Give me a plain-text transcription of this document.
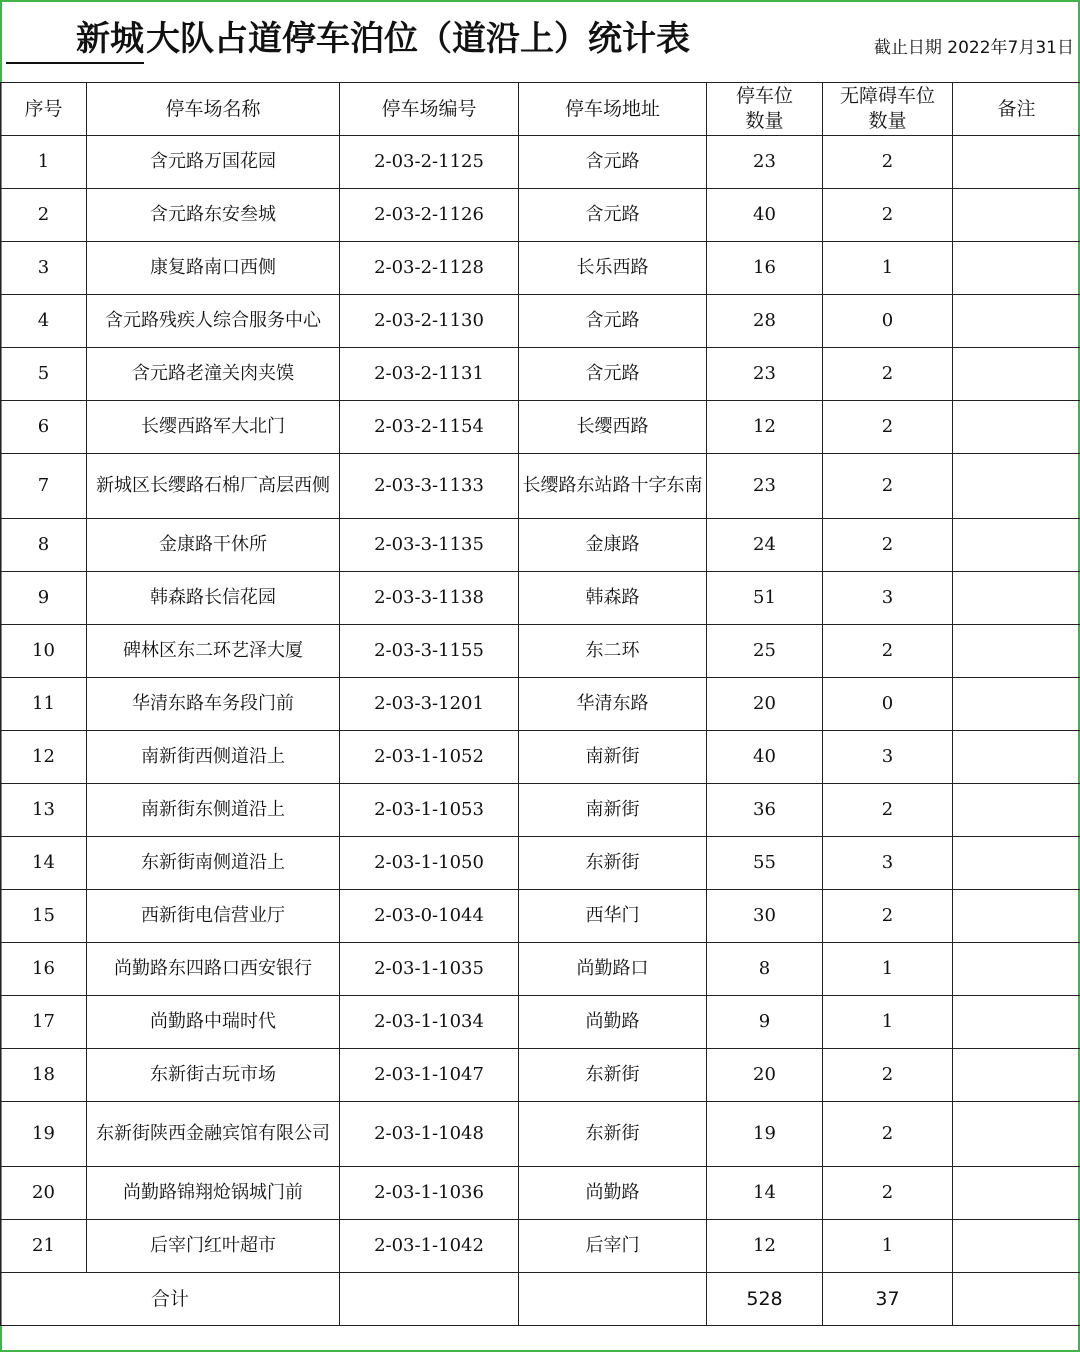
新城 大队占道停车泊位（道沿上）统计表	截止日期 2022年7月31日
序号	停车场名称	停车场编号	停车场地址	停车位数量	无障碍车位数量	备注
1	含元路万国花园	2-03-2-1125	含元路	23	2	
2	含元路东安叁城	2-03-2-1126	含元路	40	2	
3	康复路南口西侧	2-03-2-1128	长乐西路	16	1	
4	含元路残疾人综合服务中心	2-03-2-1130	含元路	28	0	
5	含元路老潼关肉夹馍	2-03-2-1131	含元路	23	2	
6	长缨西路军大北门	2-03-2-1154	长缨西路	12	2	
7	新城区长缨路石棉厂高层西侧	2-03-3-1133	长缨路东站路十字东南	23	2	
8	金康路干休所	2-03-3-1135	金康路	24	2	
9	韩森路长信花园	2-03-3-1138	韩森路	51	3	
10	碑林区东二环艺泽大厦	2-03-3-1155	东二环	25	2	
11	华清东路车务段门前	2-03-3-1201	华清东路	20	0	
12	南新街西侧道沿上	2-03-1-1052	南新街	40	3	
13	南新街东侧道沿上	2-03-1-1053	南新街	36	2	
14	东新街南侧道沿上	2-03-1-1050	东新街	55	3	
15	西新街电信营业厅	2-03-0-1044	西华门	30	2	
16	尚勤路东四路口西安银行	2-03-1-1035	尚勤路口	8	1	
17	尚勤路中瑞时代	2-03-1-1034	尚勤路	9	1	
18	东新街古玩市场	2-03-1-1047	东新街	20	2	
19	东新街陕西金融宾馆有限公司	2-03-1-1048	东新街	19	2	
20	尚勤路锦翔炝锅城门前	2-03-1-1036	尚勤路	14	2	
21	后宰门红叶超市	2-03-1-1042	后宰门	12	1	
合计				528	37	
